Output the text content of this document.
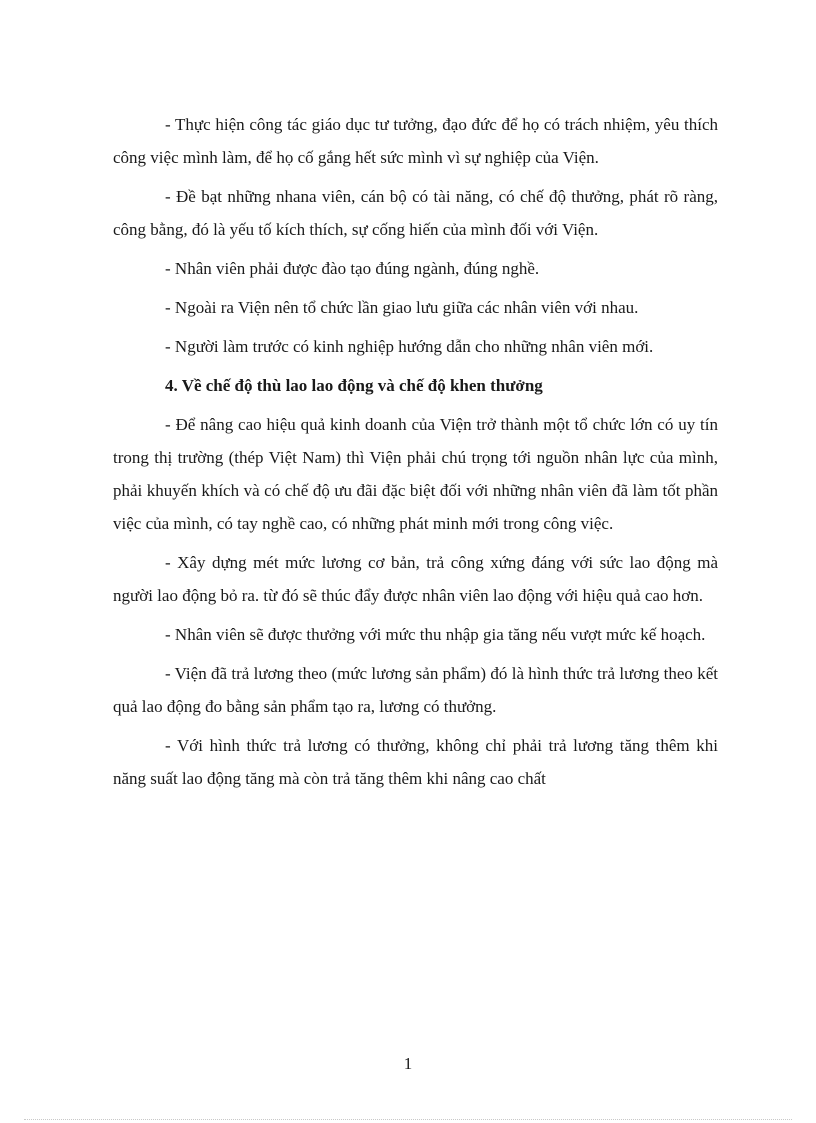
- Thực hiện công tác giáo dục tư tưởng, đạo đức để họ có trách nhiệm, yêu thích công việc mình làm, để họ cố gắng hết sức mình vì sự nghiệp của Viện.

- Đề bạt những nhana viên, cán bộ có tài năng, có chế độ thưởng, phát rõ ràng, công bằng, đó là yếu tố kích thích, sự cống hiến của mình đối với Viện.

- Nhân viên phải được đào tạo đúng ngành, đúng nghề.

- Ngoài ra Viện nên tổ chức lần giao lưu giữa các nhân viên với nhau.

- Người làm trước có kinh nghiệp hướng dẫn cho những nhân viên mới.

4. Về chế độ thù lao lao động và chế độ khen thưởng

- Để nâng cao hiệu quả kinh doanh của Viện trở thành một tổ chức lớn có uy tín trong thị trường (thép Việt Nam) thì Viện phải chú trọng tới nguồn nhân lực của mình, phải khuyến khích và có chế độ ưu đãi đặc biệt đối với những nhân viên đã làm tốt phần việc của mình, có tay nghề cao, có những phát minh mới trong công việc.

- Xây dựng mét mức lương cơ bản, trả công xứng đáng với sức lao động mà người lao động bỏ ra. từ đó sẽ thúc đẩy được nhân viên lao động với hiệu quả cao hơn.

- Nhân viên sẽ được thưởng với mức thu nhập gia tăng nếu vượt mức kế hoạch.

- Viện đã trả lương theo (mức lương sản phẩm) đó là hình thức trả lương theo kết quả lao động đo bằng sản phẩm tạo ra, lương có thưởng.

- Với hình thức trả lương có thưởng, không chỉ phải trả lương tăng thêm khi năng suất lao động tăng mà còn trả tăng thêm khi nâng cao chất

1
